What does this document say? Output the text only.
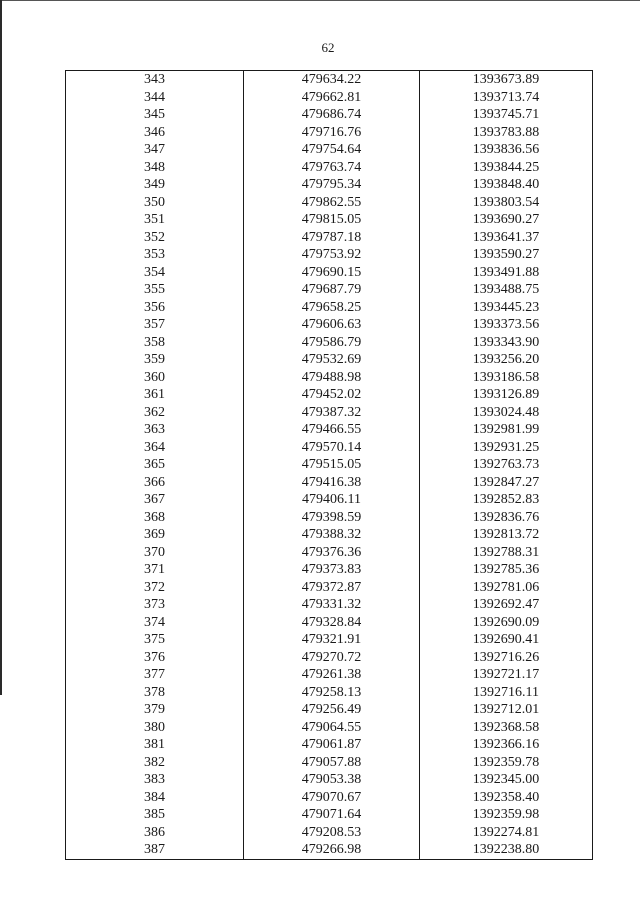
62
343	479634.22	1393673.89
344	479662.81	1393713.74
345	479686.74	1393745.71
346	479716.76	1393783.88
347	479754.64	1393836.56
348	479763.74	1393844.25
349	479795.34	1393848.40
350	479862.55	1393803.54
351	479815.05	1393690.27
352	479787.18	1393641.37
353	479753.92	1393590.27
354	479690.15	1393491.88
355	479687.79	1393488.75
356	479658.25	1393445.23
357	479606.63	1393373.56
358	479586.79	1393343.90
359	479532.69	1393256.20
360	479488.98	1393186.58
361	479452.02	1393126.89
362	479387.32	1393024.48
363	479466.55	1392981.99
364	479570.14	1392931.25
365	479515.05	1392763.73
366	479416.38	1392847.27
367	479406.11	1392852.83
368	479398.59	1392836.76
369	479388.32	1392813.72
370	479376.36	1392788.31
371	479373.83	1392785.36
372	479372.87	1392781.06
373	479331.32	1392692.47
374	479328.84	1392690.09
375	479321.91	1392690.41
376	479270.72	1392716.26
377	479261.38	1392721.17
378	479258.13	1392716.11
379	479256.49	1392712.01
380	479064.55	1392368.58
381	479061.87	1392366.16
382	479057.88	1392359.78
383	479053.38	1392345.00
384	479070.67	1392358.40
385	479071.64	1392359.98
386	479208.53	1392274.81
387	479266.98	1392238.80
